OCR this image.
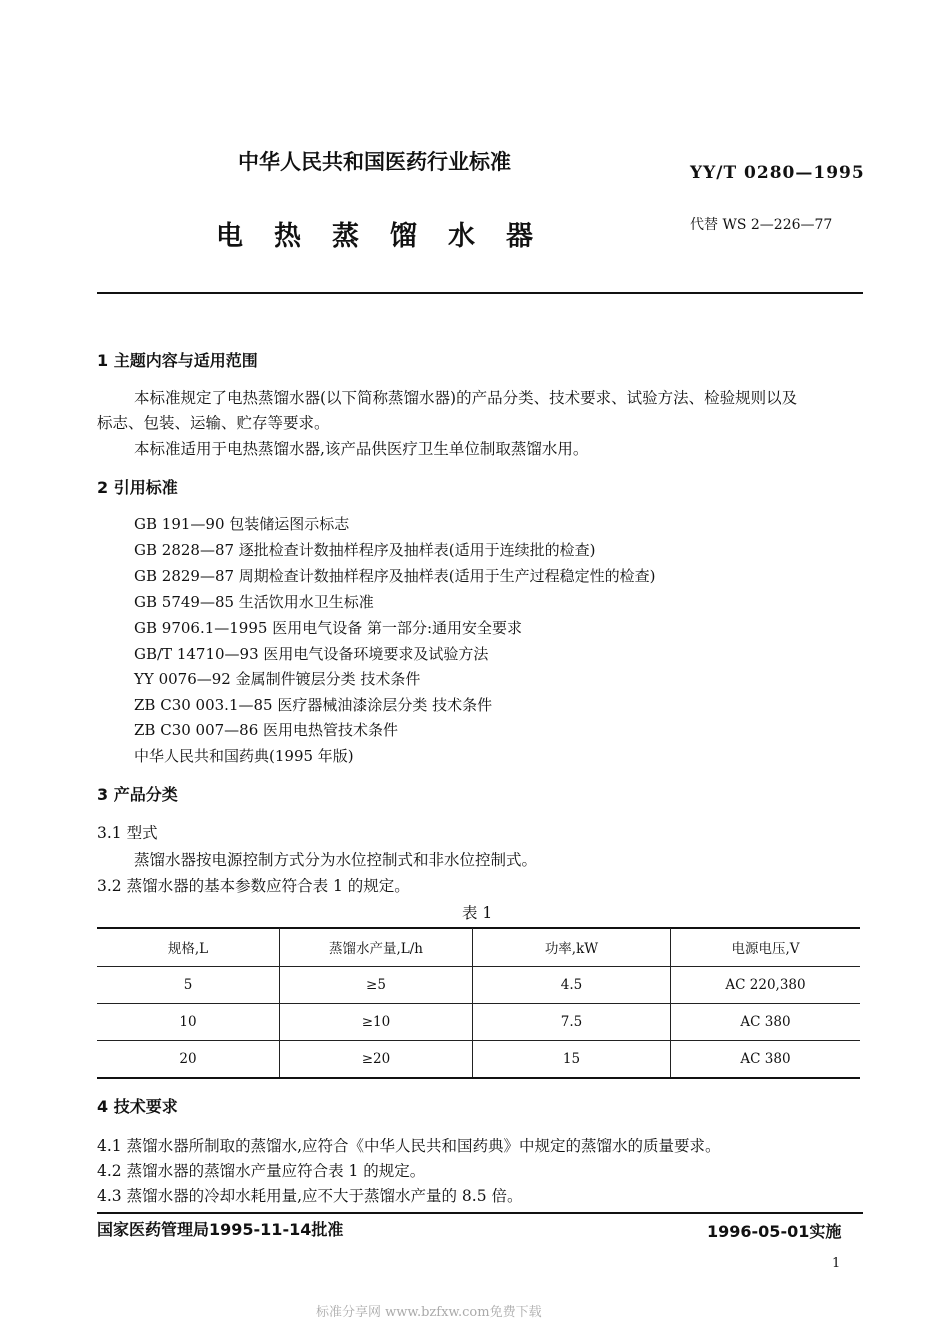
中华人民共和国医药行业标准	YY/T 0280—1995
电热蒸馏水器	代替 WS 2—226—77
1 主题内容与适用范围
本标准规定了电热蒸馏水器(以下简称蒸馏水器)的产品分类、技术要求、试验方法、检验规则以及
标志、包装、运输、贮存等要求。
本标准适用于电热蒸馏水器,该产品供医疗卫生单位制取蒸馏水用。
2 引用标准
GB 191—90 包装储运图示标志
GB 2828—87 逐批检查计数抽样程序及抽样表(适用于连续批的检查)
GB 2829—87 周期检查计数抽样程序及抽样表(适用于生产过程稳定性的检查)
GB 5749—85 生活饮用水卫生标准
GB 9706.1—1995 医用电气设备 第一部分:通用安全要求
GB/T 14710—93 医用电气设备环境要求及试验方法
YY 0076—92 金属制件镀层分类 技术条件
ZB C30 003.1—85 医疗器械油漆涂层分类 技术条件
ZB C30 007—86 医用电热管技术条件
中华人民共和国药典(1995 年版)
3 产品分类
3.1 型式
蒸馏水器按电源控制方式分为水位控制式和非水位控制式。
3.2 蒸馏水器的基本参数应符合表 1 的规定。
表 1
规格,L	蒸馏水产量,L/h	功率,kW	电源电压,V
5	≥5	4.5	AC 220,380
10	≥10	7.5	AC 380
20	≥20	15	AC 380
4 技术要求
4.1 蒸馏水器所制取的蒸馏水,应符合《中华人民共和国药典》中规定的蒸馏水的质量要求。
4.2 蒸馏水器的蒸馏水产量应符合表 1 的规定。
4.3 蒸馏水器的冷却水耗用量,应不大于蒸馏水产量的 8.5 倍。
国家医药管理局1995-11-14批准	1996-05-01实施
1
标准分享网 www.bzfxw.com免费下载
